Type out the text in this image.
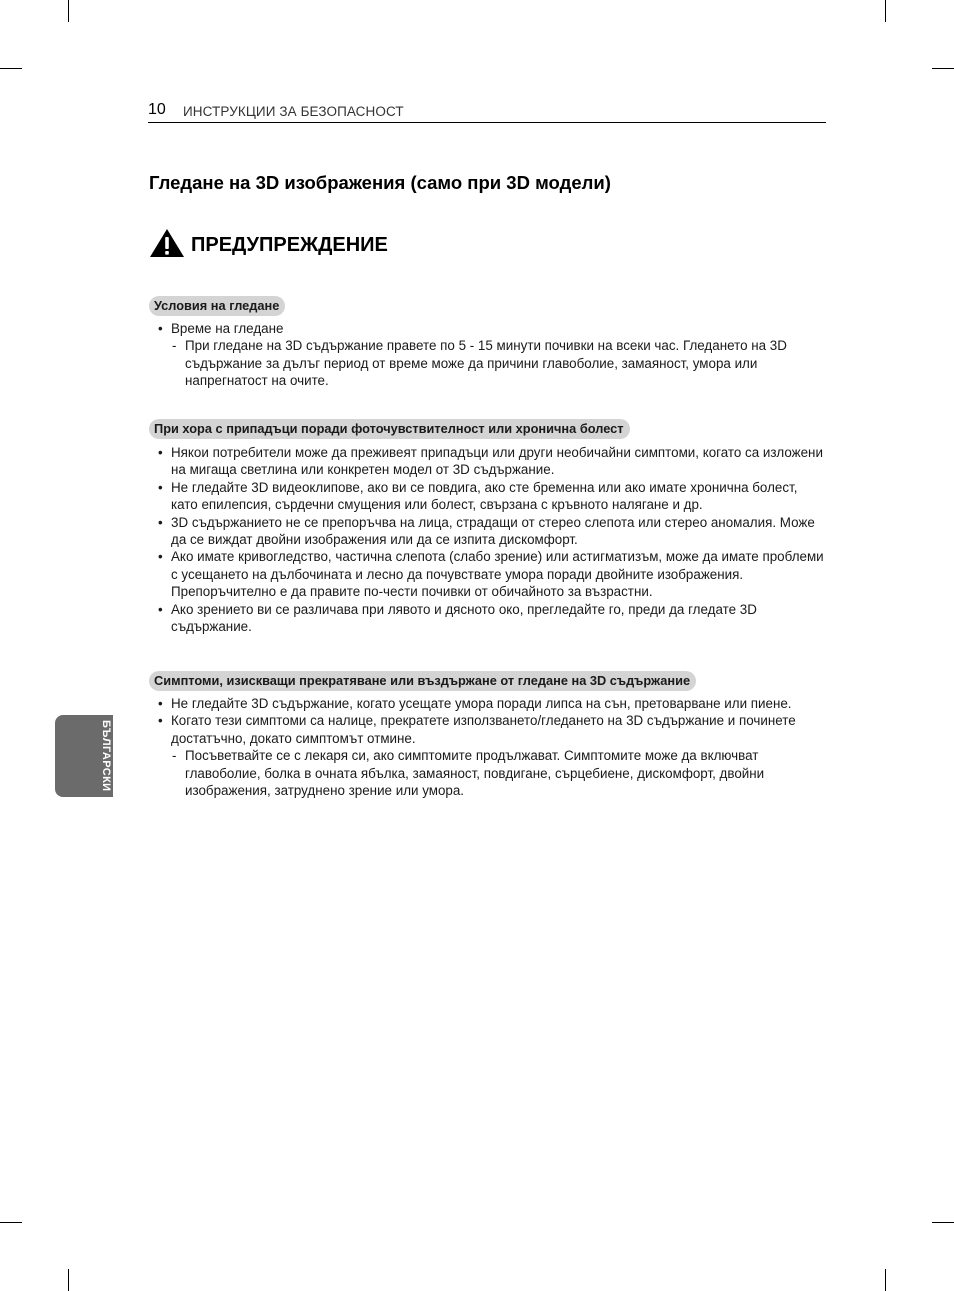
10 ИНСТРУКЦИИ ЗА БЕЗОПАСНОСТ
Гледане на 3D изображения (само при 3D модели)
ПРЕДУПРЕЖДЕНИЕ
Условия на гледане
• Време на гледане
- При гледане на 3D съдържание правете по 5 - 15 минути почивки на всеки час. Гледането на 3D съдържание за дълъг период от време може да причини главоболие, замаяност, умора или напрегнатост на очите.
При хора с припадъци поради фоточувствителност или хронична болест
• Някои потребители може да преживеят припадъци или други необичайни симптоми, когато са изложени на мигаща светлина или конкретен модел от 3D съдържание.
• Не гледайте 3D видеоклипове, ако ви се повдига, ако сте бременна или ако имате хронична болест, като епилепсия, сърдечни смущения или болест, свързана с кръвното налягане и др.
• 3D съдържанието не се препоръчва на лица, страдащи от стерео слепота или стерео аномалия. Може да се виждат двойни изображения или да се изпита дискомфорт.
• Ако имате кривогледство, частична слепота (слабо зрение) или астигматизъм, може да имате проблеми с усещането на дълбочината и лесно да почувствате умора поради двойните изображения. Препоръчително е да правите по-чести почивки от обичайното за възрастни.
• Ако зрението ви се различава при лявото и дясното око, прегледайте го, преди да гледате 3D съдържание.
Симптоми, изискващи прекратяване или въздържане от гледане на 3D съдържание
• Не гледайте 3D съдържание, когато усещате умора поради липса на сън, претоварване или пиене.
• Когато тези симптоми са налице, прекратете използването/гледането на 3D съдържание и починете достатъчно, докато симптомът отмине.
- Посъветвайте се с лекаря си, ако симптомите продължават. Симптомите може да включват главоболие, болка в очната ябълка, замаяност, повдигане, сърцебиене, дискомфорт, двойни изображения, затруднено зрение или умора.
БЪЛГАРСКИ
